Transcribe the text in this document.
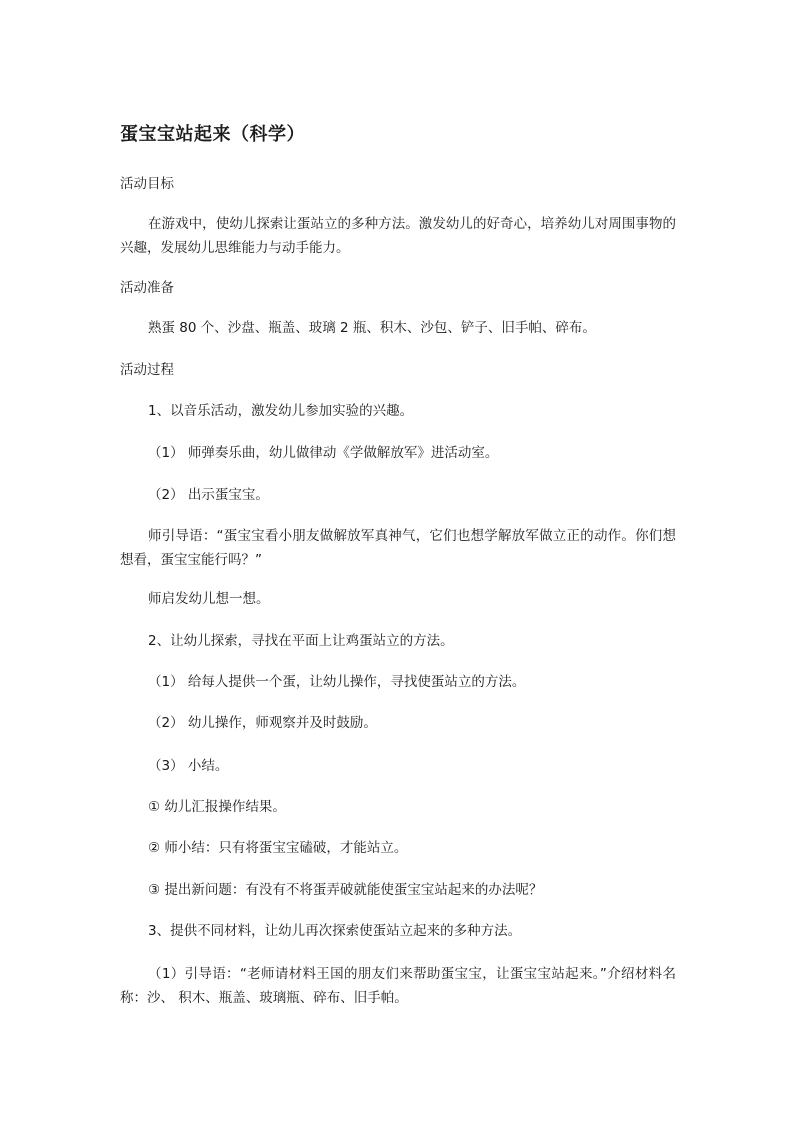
蛋宝宝站起来（科学）
活动目标
在游戏中，使幼儿探索让蛋站立的多种方法。激发幼儿的好奇心，培养幼儿对周围事物的兴趣，发展幼儿思维能力与动手能力。
活动准备
熟蛋 80 个、沙盘、瓶盖、玻璃 2 瓶、积木、沙包、铲子、旧手帕、碎布。
活动过程
1、以音乐活动，激发幼儿参加实验的兴趣。
（1） 师弹奏乐曲，幼儿做律动《学做解放军》进活动室。
（2） 出示蛋宝宝。
师引导语：“蛋宝宝看小朋友做解放军真神气，它们也想学解放军做立正的动作。你们想想看，蛋宝宝能行吗？”
师启发幼儿想一想。
2、让幼儿探索，寻找在平面上让鸡蛋站立的方法。
（1） 给每人提供一个蛋，让幼儿操作，寻找使蛋站立的方法。
（2） 幼儿操作，师观察并及时鼓励。
（3） 小结。
① 幼儿汇报操作结果。
② 师小结：只有将蛋宝宝磕破，才能站立。
③ 提出新问题：有没有不将蛋弄破就能使蛋宝宝站起来的办法呢？
3、提供不同材料，让幼儿再次探索使蛋站立起来的多种方法。
（1）引导语：“老师请材料王国的朋友们来帮助蛋宝宝，让蛋宝宝站起来。”介绍材料名称：沙、 积木、瓶盖、玻璃瓶、碎布、旧手帕。
